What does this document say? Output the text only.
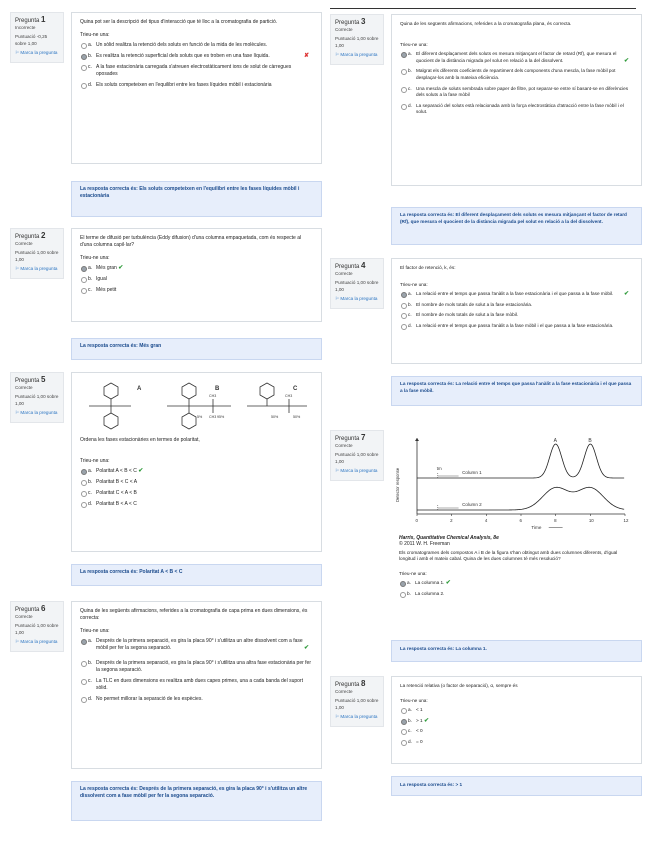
Pregunta 1
Incorrecte
Puntuació -0,25 sobre 1,00
⚐ Marca la pregunta

Quina pot ser la descripció del tipus d'interacció que té lloc a la cromatografia de partició.

Trieu-ne una:

a. Un sòlid realitza la retenció dels soluts en funció de la mida de les molècules.
b. Es realitza la retenció superficial dels soluts que es troben en una fase líquida.	✘
c. A la fase estacionària carregada s'atreuen electrostàticament ions de solut de càrregues oposades
d. Els soluts competeixen en l'equilibri entre les fases líquides mòbil i estacionària
La resposta correcta és: Els soluts competeixen en l'equilibri entre les fases líquides mòbil i estacionària
Pregunta 2
Correcte
Puntuació 1,00 sobre 1,00
⚐ Marca la pregunta

El terme de difusió per turbulència (Eddy difusion) d'una columna empaquetada, com és respecte al d'una columna capil·lar?

Trieu-ne una:

a. Més gran ✔
b. Igual
c. Més petit
La resposta correcta és: Més gran
Pregunta 5
Correcte
Puntuació 1,00 sobre 1,00
⚐ Marca la pregunta
A	B	C
CH3
CH3
5%	95%
CH3
50%	50%

Ordena les fases estacionàries en termes de polaritat,

Trieu-ne una:

a. Polaritat A < B < C ✔
b. Polaritat B < C < A
c. Polaritat C < A < B
d. Polaritat B < A < C
La resposta correcta és: Polaritat A < B < C
Pregunta 6
Correcte
Puntuació 1,00 sobre 1,00
⚐ Marca la pregunta

Quina de les següents afirmacions, referides a la cromatografia de capa prima en dues dimensions, és correcta:

Trieu-ne una:

a. Després de la primera separació, es gira la placa 90° i s'utilitza un altre dissolvent com a fase mòbil per fer la segona separació.	✔
b. Després de la primera separació, es gira la placa 90° i s'utilitza una altra fase estacionària per fer la segona separació.
c. La TLC en dues dimensions es realitza amb dues capes primes, una a cada banda del suport sòlid.
d. No permet millorar la separació de les espècies.
La resposta correcta és: Després de la primera separació, es gira la placa 90° i s'utilitza un altre dissolvent com a fase mòbil per fer la segona separació.
Pregunta 3
Correcte
Puntuació 1,00 sobre 1,00
⚐ Marca la pregunta

Quina de les següents afirmacions, referides a la cromatografia plana, és correcta.

Trieu-ne una:

a. El diferent desplaçament dels soluts es mesura mitjançant el factor de retard (Rf), que mesura el quocient de la distància migrada pel solut en relació a la del dissolvent.	✔
b. Malgrat els diferents coeficients de repartiment dels components d'una mescla, la fase mòbil pot desplaçar-los amb la mateixa eficiència.
c. Una mescla de soluts sembrada sobre paper de filtre, pot separar-se entre sí basant-se en diferències dels soluts a la fase mòbil
d. La separació del soluts està relacionada amb la força electrostàtica d'atracció entre la fase mòbil i el solut.
La resposta correcta és: El diferent desplaçament dels soluts es mesura mitjançant el factor de retard (Rf), que mesura el quocient de la distància migrada pel solut en relació a la del dissolvent.
Pregunta 4
Correcte
Puntuació 1,00 sobre 1,00
⚐ Marca la pregunta

El factor de retenció, k, és:

Trieu-ne una:

a. La relació entre el temps que passa l'anàlit a la fase estacionària i el que passa a la fase mòbil. ✔
b. El nombre de mols totals de solut a la fase estacionària.
c. El nombre de mols totals de solut a la fase mòbil.
d. La relació entre el temps que passa l'anàlit a la fase mòbil i el que passa a la fase estacionària.
La resposta correcta és: La relació entre el temps que passa l'anàlit a la fase estacionària i el que passa a la fase mòbil.
Pregunta 7
Correcte
Puntuació 1,00 sobre 1,00
⚐ Marca la pregunta	Detector response
Time
tm
Column 1
Column 2
A	B
0	2	4	6	8	10	12
Harris, Quantitative Chemical Analysis, 8e
© 2011 W. H. Freeman

Els cromatogrames dels compostos A i B de la figura s'han obtingut amb dues columnes diferents, d'igual longitud i amb el mateix cabal. Quina de les dues columnes té més resolució?

Trieu-ne una:

a. La columna 1. ✔
b. La columna 2.
La resposta correcta és: La columna 1.
Pregunta 8
Correcte
Puntuació 1,00 sobre 1,00
⚐ Marca la pregunta

La retenció relativa (o factor de separació), α, sempre és

Trieu-ne una:

a. < 1
b. > 1 ✔
c. < 0
d. = 0
La resposta correcta és: > 1
